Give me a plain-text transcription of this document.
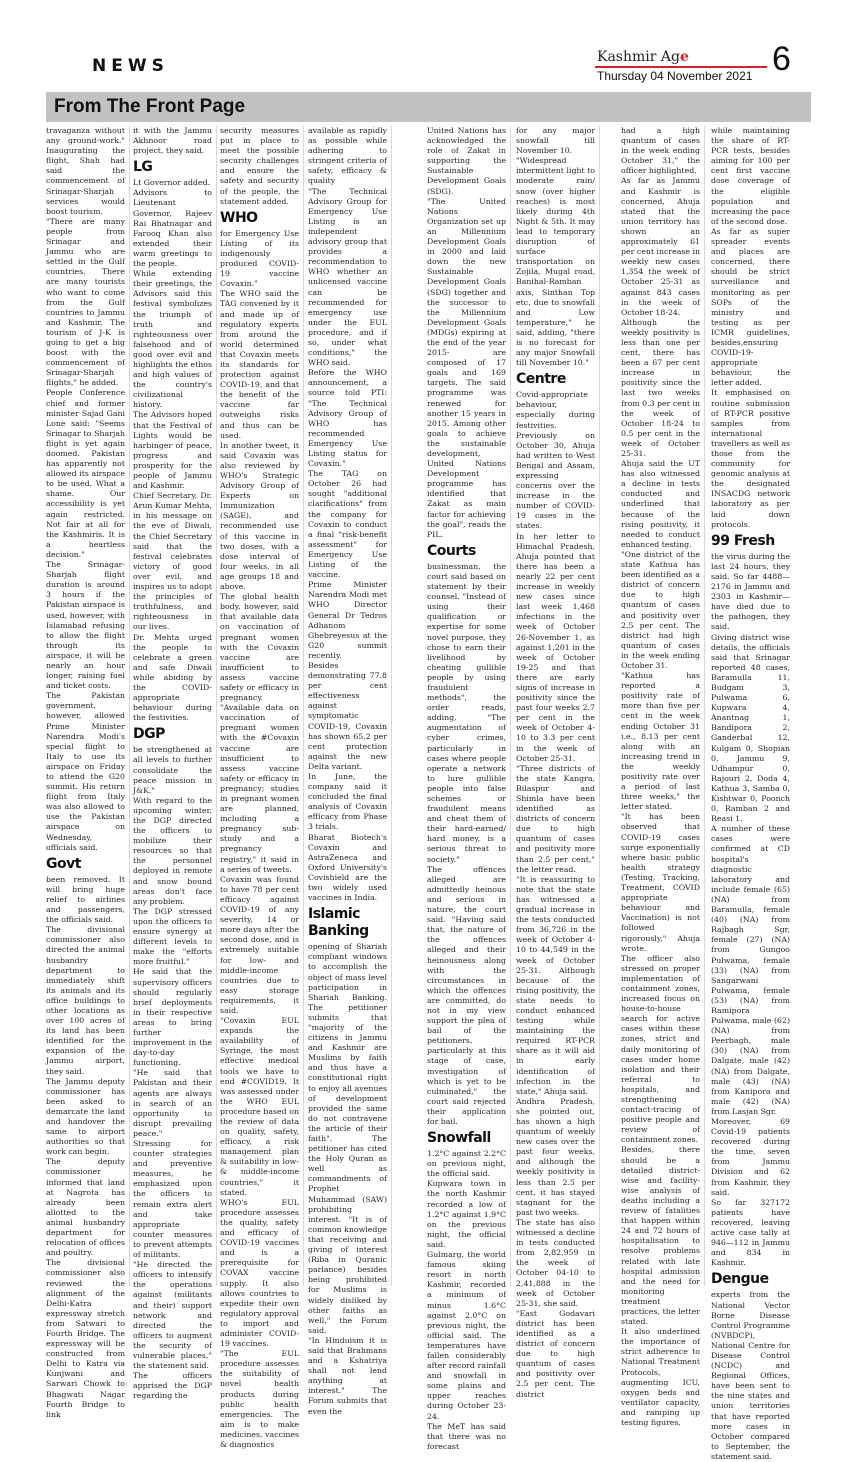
NEWS	Kashmir Age
Thursday 04 November 2021 6
From The Front Page

travaganza without any ground-work." Inaugurating the flight, Shah had said the commencement of Srinagar-Sharjah services would boost tourism.

"There are many people from Srinagar and Jammu who are settled in the Gulf countries. There are many tourists who want to come from the Gulf countries to Jammu and Kashmir. The tourism of J-K is going to get a big boost with the commencement of Srinagar-Sharjah flights," he added.

People Conference chief and former minister Sajad Gani Lone said: "Seems Srinagar to Sharjah flight is yet again doomed. Pakistan has apparently not allowed its airspace to be used. What a shame. Our accessibility is yet again restricted. Not fair at all for the Kashmiris. It is a heartless decision."

The Srinagar-Sharjah flight duration is around 3 hours if the Pakistan airspace is used, however, with Islamabad refusing to allow the flight through its airspace, it will be nearly an hour longer, raising fuel and ticket costs.

The Pakistan government, however, allowed Prime Minister Narendra Modi's special flight to Italy to use its airspace on Friday to attend the G20 summit. His return flight from Italy was also allowed to use the Pakistan airspace on Wednesday, officials said.

Govt

been removed. It will bring huge relief to airlines and passengers, the officials said.

The divisional commissioner also directed the animal husbandry department to immediately shift its animals and its office buildings to other locations as over 100 acres of its land has been identified for the expansion of the Jammu airport, they said.

The Jammu deputy commissioner has been asked to demarcate the land and handover the same to airport authorities so that work can begin.

The deputy commissioner informed that land at Nagrota has already been allotted to the animal husbandry department for relocation of offices and poultry.

The divisional commissioner also reviewed the alignment of the Delhi-Katra expressway stretch from Satwari to Fourth Bridge. The expressway will be constructed from Delhi to Katra via Kunjwani and Sarwari Chowk to Bhagwati Nagar Fourth Bridge to link

it with the Jammu Akhnoor road project, they said.

LG

Lt Governor added.

Advisors to Lieutenant Governor, Rajeev Rai Bhatnagar and Farooq Khan also extended their warm greetings to the people.

While extending their greetings, the Advisors said this festival symbolizes the triumph of truth and righteousness over falsehood and of good over evil and highlights the ethos and high values of the country's civilizational history.

The Advisors hoped that the Festival of Lights would be harbinger of peace, progress and prosperity for the people of Jammu and Kashmir.

Chief Secretary, Dr. Arun Kumar Mehta, in his message on the eve of Diwali, the Chief Secretary said that the festival celebrates victory of good over evil, and inspires us to adopt the principles of truthfulness, and righteousness in our lives.

Dr. Mehta urged the people to celebrate a green and safe Diwali while abiding by the COVID-appropriate behaviour during the festivities.

DGP

be strengthened at all levels to further consolidate the peace mission in J&K."

With regard to the upcoming winter, the DGP directed the officers to mobilize their resources so that the personnel deployed in remote and snow bound areas don't face any problem.

The DGP stressed upon the officers to ensure synergy at different levels to make the "efforts more fruitful."

He said that the supervisory officers should regularly brief deployments in their respective areas to bring further improvement in the day-to-day functioning.

"He said that Pakistan and their agents are always in search of an opportunity to disrupt prevailing peace."

Stressing for counter strategies and preventive measures, he emphasized upon the officers to remain extra alert and take appropriate counter measures to prevent attempts of militants.

"He directed the officers to intensify the operations against (militants and their) support network and directed the officers to augment the security of vulnerable places," the statement said.

The officers apprised the DGP regarding the

security measures put in place to meet the possible security challenges and ensure the safety and security of the people, the statement added.

WHO

for Emergency Use Listing of its indigenously produced COVID-19 vaccine Covaxin."

The WHO said the TAG convened by it and made up of regulatory experts from around the world determined that Covaxin meets its standards for protection against COVID-19, and that the benefit of the vaccine far outweighs risks and thus can be used.

In another tweet, it said Covaxin was also reviewed by WHO's Strategic Advisory Group of Experts on Immunization (SAGE), and recommended use of this vaccine in two doses, with a dose interval of four weeks, in all age groups 18 and above.

The global health body, however, said that available data on vaccination of pregnant women with the Covaxin vaccine are insufficient to assess vaccine safety or efficacy in pregnancy.

"Available data on vaccination of pregnant women with the #Covaxin vaccine are insufficient to assess vaccine safety or efficacy in pregnancy; studies in pregnant women are planned, including a pregnancy sub-study and a pregnancy registry," it said in a series of tweets.

Covaxin was found to have 78 per cent efficacy against COVID-19 of any severity, 14 or more days after the second dose, and is extremely suitable for low- and middle-income countries due to easy storage requirements, it said.

"Covaxin EUL expands the availability of Syringe, the most effective medical tools we have to end #COVID19. It was assessed under the WHO EUL procedure based on the review of data on quality, safety, efficacy, a risk management plan & suitability in low- & middle-income countries," it stated.

WHO's EUL procedure assesses the quality, safety and efficacy of COVID-19 vaccines and is a prerequisite for COVAX vaccine supply. It also allows countries to expedite their own regulatory approval to import and administer COVID-19 vaccines.

"The EUL procedure assesses the suitability of novel health products during public health emergencies. The aim is to make medicines, vaccines & diagnostics

available as rapidly as possible while adhering to stringent criteria of safety, efficacy & quality

"The Technical Advisory Group for Emergency Use Listing is an independent advisory group that provides a recommendation to WHO whether an unlicensed vaccine can be recommended for emergency use under the EUL procedure, and if so, under what conditions," the WHO said.

Before the WHO announcement, a source told PTI: "The Technical Advisory Group of WHO has recommended Emergency Use Listing status for Covaxin."

The TAG on October 26 had sought "additional clarifications" from the company for Covaxin to conduct a final "risk-benefit assessment" for Emergency Use Listing of the vaccine.

Prime Minister Narendra Modi met WHO Director General Dr Tedros Adhanom Ghebreyesus at the G20 summit recently.

Besides demonstrating 77.8 per cent effectiveness against symptomatic COVID-19, Covaxin has shown 65.2 per cent protection against the new Delta variant.

In June, the company said it concluded the final analysis of Covaxin efficacy from Phase 3 trials.

Bharat Biotech's Covaxin and AstraZeneca and Oxford University's Covishield are the two widely used vaccines in India.

Islamic Banking

opening of Shariah compliant windows to accomplish the object of mass level participation in Shariah Banking. The petitioner submits that "majority of the citizens in Jammu and Kashmir are Muslims by faith and thus have a constitutional right to enjoy all avenues of development provided the same do not contravene the article of their faith". The petitioner has cited the Holy Quran as well as commandments of Prophet Muhammad (SAW) prohibiting interest. "It is of common knowledge that receiving and giving of interest (Riba in Quranic parlance) besides being prohibited for Muslims is widely disliked by other faiths as well," the Forum said.

"In Hinduism it is said that Brahmans and a Kshatriya shall not lend anything at interest." The Forum submits that even the

United Nations has acknowledged the role of Zakat in supporting the Sustainable Development Goals (SDG).

"The United Nations Organization set up an Millennium Development Goals in 2000 and laid down the new Sustainable Development Goals (SDG) together and the successor to the Millennium Development Goals (MDGs) expiring at the end of the year 2015- are composed of 17 goals and 169 targets. The said programme was renewed for another 15 years in 2015. Among other goals to achieve the sustainable development, United Nations Development programme has identified that Zakat as main factor for achieving the goal", reads the PIL.

Courts

businessman, the court said based on statement by their counsel. "Instead of using their qualification or expertise for some novel purpose, they chose to earn their livelihood by cheating gullible people by using fraudulent methods", the order reads, adding, "The augmentation of cyber crimes, particularly in cases where people operate a network to lure gullible people into false schemes or fraudulent means and cheat them of their hard-earned/ hard money, is a serious threat to society."

The offences alleged are admittedly heinous and serious in nature, the court said. "Having said that, the nature of the offences alleged and their heinousness along with the circumstances in which the offences are committed, do not in my view support the plea of bail of the petitioners, particularly at this stage of case, investigation of which is yet to be culminated," the court said rejected their application for bail.

Snowfall

1.2°C against 2.2°C on previous night, the official said.

Kupwara town in the north Kashmir recorded a low of 1.2°C against 1.9°C on the previous night, the official said.

Gulmarg, the world famous skiing resort in north Kashmir, recorded a minimum of minus 1.6°C against 2.0°C on previous night, the official said. The temperatures have fallen considerably after record rainfall and snowfall in some plains and upper reaches during October 23-24.

The MeT has said that there was no forecast

for any major snowfall till November 10.

"Widespread intermittent light to moderate rain/ snow (over higher reaches) is most likely during 4th Night & 5th. It may lead to temporary disruption of surface transportation on Zojila, Mugal road, Banihal-Ramban axis, Sinthan Top etc. due to snowfall and Low temperature," he said, adding, "there is no forecast for any major Snowfall till November 10."

Centre

Covid-appropriate behaviour, especially during festivities.

Previously on October 30, Ahuja had written to West Bengal and Assam, expressing concerns over the increase in the number of COVID-19 cases in the states.

In her letter to Himachal Pradesh, Ahuja pointed that there has been a nearly 22 per cent increase in weekly new cases since last week 1,468 infections in the week of October 26-November 1, as against 1,201 in the week of October 19-25 and that there are early signs of increase in positivity since the past four weeks 2.7 per cent in the week of October 4-10 to 3.3 per cent in the week of October 25-31.

"Three districts of the state Kangra, Bilaspur and Shimla have been identified as districts of concern due to high quantum of cases and positivity more than 2.5 per cent," the letter read.

"It is reassuring to note that the state has witnessed a gradual increase in the tests conducted from 36,726 in the week of October 4-10 to 44,549 in the week of October 25-31. Although because of the rising positivity, the state needs to conduct enhanced testing while maintaining the required RT-PCR share as it will aid in early identification of infection in the state," Ahuja said.

Andhra Pradesh, she pointed out, has shown a high quantum of weekly new cases over the past four weeks, and although the weekly positivity is less than 2.5 per cent, it has stayed stagnant for the past two weeks.

The state has also witnessed a decline in tests conducted from 2,82,959 in the week of October 04-10 to 2,41,888 in the week of October 25-31, she said.

"East Godavari district has been identified as a district of concern due to high quantum of cases and positivity over 2.5 per cent. The district

had a high quantum of cases in the week ending October 31," the officer highlighted.

As far as Jammu and Kashmir is concerned, Ahuja stated that the union territory has shown an approximately 61 per cent increase in weekly new cases 1,354 the week of October 25-31 as against 843 cases in the week of October 18-24.

Although the weekly positivity is less than one per cent, there has been a 67 per cent increase in positivity since the last two weeks from 0.3 per cent in the week of October 18-24 to 0.5 per cent in the week of October 25-31.

Ahuja said the UT has also witnessed a decline in tests conducted and underlined that because of the rising positivity, it needed to conduct enhanced testing.

"One district of the state Kathua has been identified as a district of concern due to high quantum of cases and positivity over 2.5 per cent. The district had high quantum of cases in the week ending October 31.

"Kathua has reported a positivity rate of more than five per cent in the week ending October 31 i.e., 8.13 per cent along with an increasing trend in the weekly positivity rate over a period of last three weeks," the letter stated.

"It has been observed that COVID-19 cases surge exponentially where basic public health strategy (Testing, Tracking, Treatment, COVID appropriate behaviour and Vaccination) is not followed rigorously," Ahuja wrote.

The officer also stressed on proper implementation of containment zones, increased focus on house-to-house search for active cases within these zones, strict and daily monitoring of cases under home isolation and their referral to hospitals, and strengthening contact-tracing of positive people and review of containment zones.

Besides, there should be a detailed district-wise and facility-wise analysis of deaths including a review of fatalities that happen within 24 and 72 hours of hospitalisation to resolve problems related with late hospital admission and the need for monitoring treatment practices, the letter stated.

It also underlined the importance of strict adherence to National Treatment Protocols, augmenting ICU, oxygen beds and ventilator capacity, and ramping up testing figures,

while maintaining the share of RT-PCR tests, besides aiming for 100 per cent first vaccine dose coverage of the eligible population and increasing the pace of the second dose.

As far as super spreader events and places are concerned, there should be strict surveillance and monitoring as per SOPs of the ministry and testing as per ICMR guidelines, besides,ensuring COVID-19-appropriate behaviour, the letter added.

It emphasised on routine submission of RT-PCR positive samples from international travellers as well as those from the community for genomic analysis at the designated INSACDG network laboratory as per laid down protocols.

99 Fresh

the virus during the last 24 hours, they said. So far 4488—2176 in Jammu and 2303 in Kashmir—have died due to the pathogen, they said.

Giving district wise details, the officials said that Srinagar reported 48 cases, Baramulla 11, Budgam 3, Pulwama 6, Kupwara 4, Anantnag 1, Bandipora 2, Ganderbal 12, Kulgam 0, Shopian 0, Jammu 9, Udhampur 0, Rajouri 2, Doda 4, Kathua 3, Samba 0, Kishtwar 0, Poonch 0, Ramban 2 and Reasi 1.

A number of these cases were confirmed at CD hospital's diagnostic laboratory and include female (65) (NA) from Baramulla, female (40) (NA) from Rajbagh Sgr, female (27) (NA) from Gungoo Pulwama, female (33) (NA) from Sangarwani Pulwama, female (53) (NA) from Ramipora Pulwama, male (62) (NA) from Peerbagh, male (30) (NA) from Dalgate, male (42) (NA) from Dalgate, male (43) (NA) from Kanipora and male (42) (NA) from Lasjan Sgr.

Moreover, 69 Covid-19 patients recovered during the time, seven from Jammu Division and 62 from Kashmir, they said.

So far 327172 patients have recovered, leaving active case tally at 946—112 in Jammu and 834 in Kashmir.

Dengue

experts from the National Vector Borne Disease Control Programme (NVBDCP), National Centre for Disease Control (NCDC) and Regional Offices, have been sent to the nine states and union territories that have reported more cases in October compared to September, the statement said.
